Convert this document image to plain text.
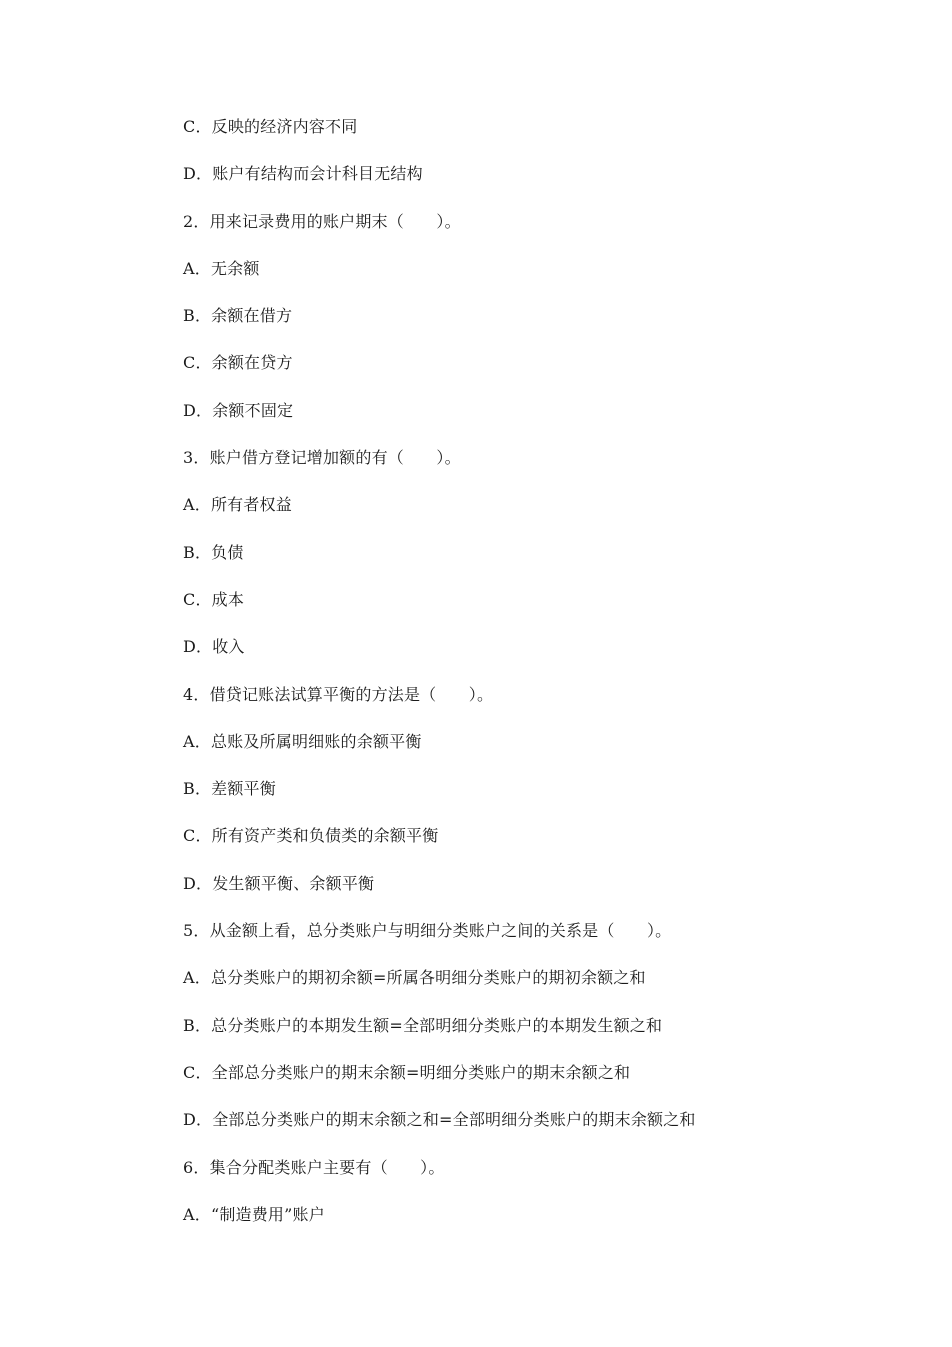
C．反映的经济内容不同
D．账户有结构而会计科目无结构
2．用来记录费用的账户期末（　　）。
A．无余额
B．余额在借方
C．余额在贷方
D．余额不固定
3．账户借方登记增加额的有（　　）。
A．所有者权益
B．负债
C．成本
D．收入
4．借贷记账法试算平衡的方法是（　　）。
A．总账及所属明细账的余额平衡
B．差额平衡
C．所有资产类和负债类的余额平衡
D．发生额平衡、余额平衡
5．从金额上看，总分类账户与明细分类账户之间的关系是（　　）。
A．总分类账户的期初余额=所属各明细分类账户的期初余额之和
B．总分类账户的本期发生额=全部明细分类账户的本期发生额之和
C．全部总分类账户的期末余额=明细分类账户的期末余额之和
D．全部总分类账户的期末余额之和=全部明细分类账户的期末余额之和
6．集合分配类账户主要有（　　）。
A．“制造费用”账户
